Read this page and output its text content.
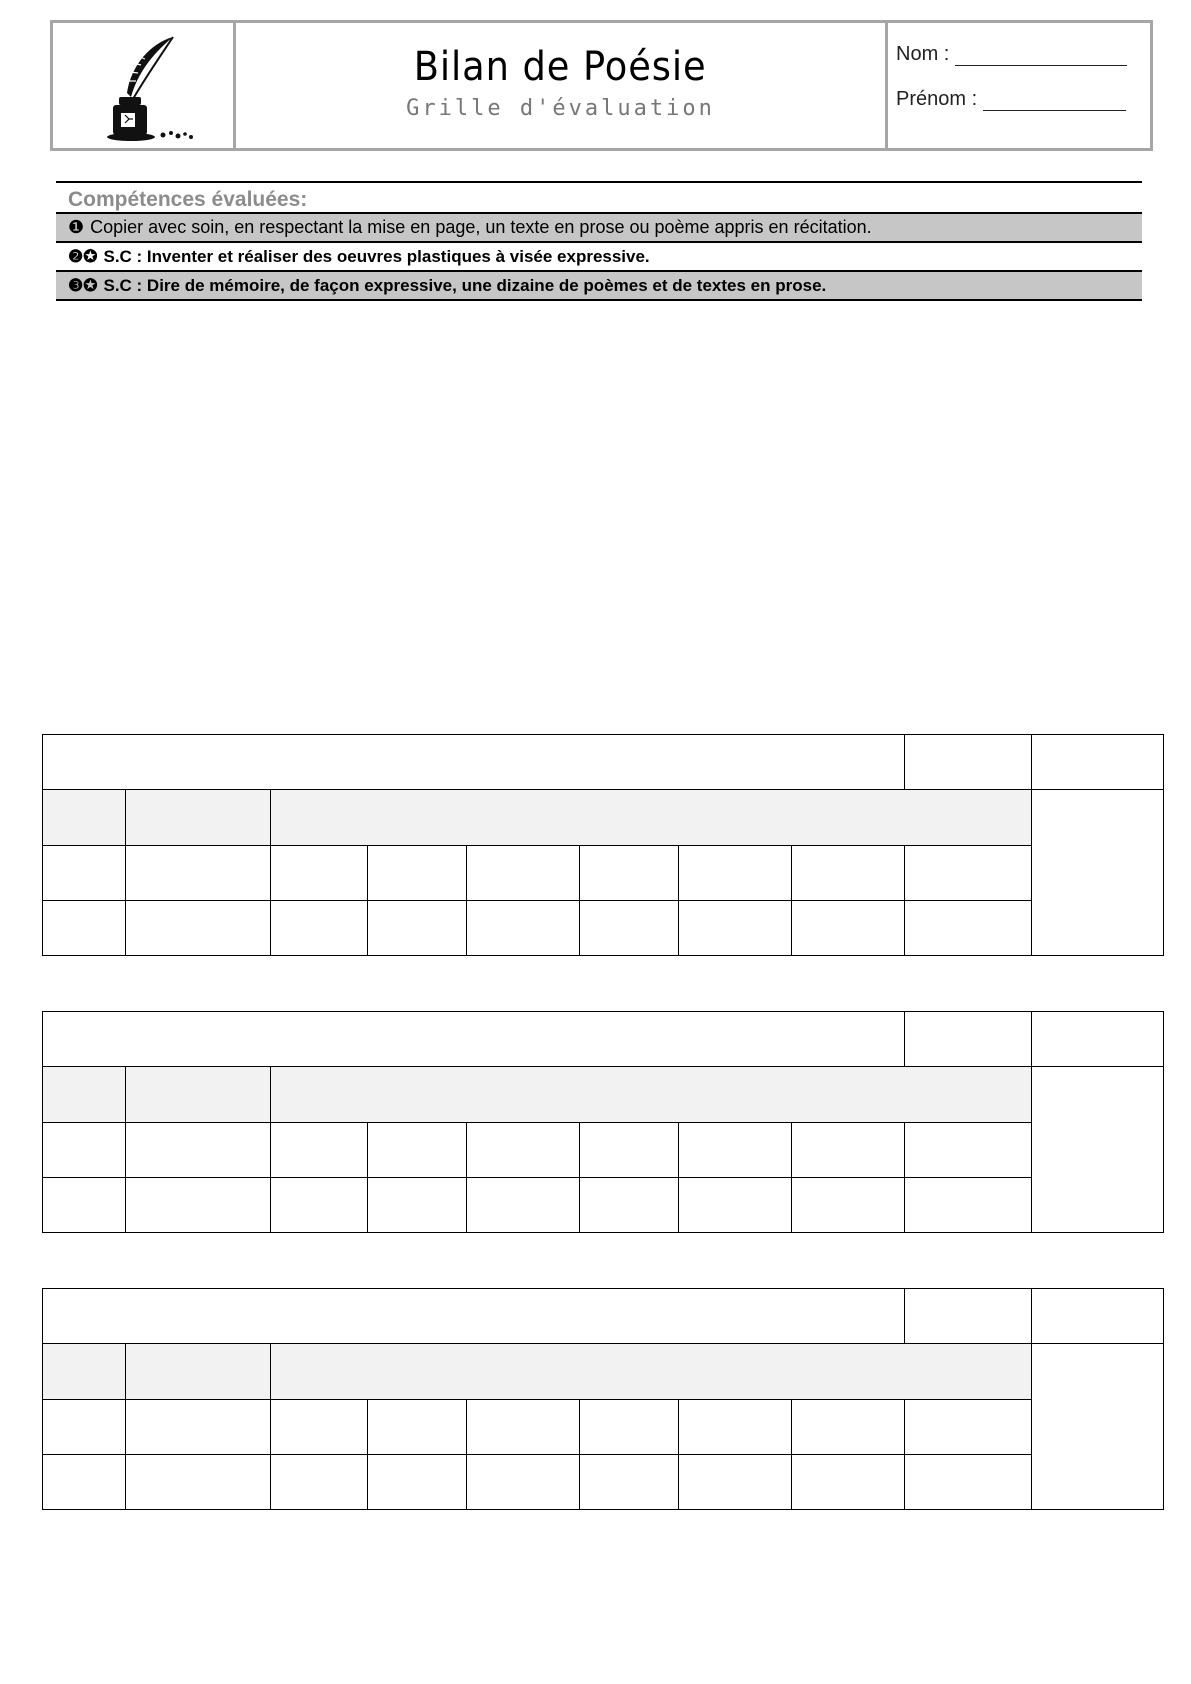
Bilan de Poésie
Grille d'évaluation
Nom :
Prénom :
Compétences évaluées:
❶ Copier avec soin, en respectant la mise en page, un texte en prose ou poème appris en récitation.
❷✪ S.C : Inventer et réaliser des oeuvres plastiques à visée expressive.
❸✪ S.C : Dire de mémoire, de façon expressive, une dizaine de poèmes et de textes en prose.
